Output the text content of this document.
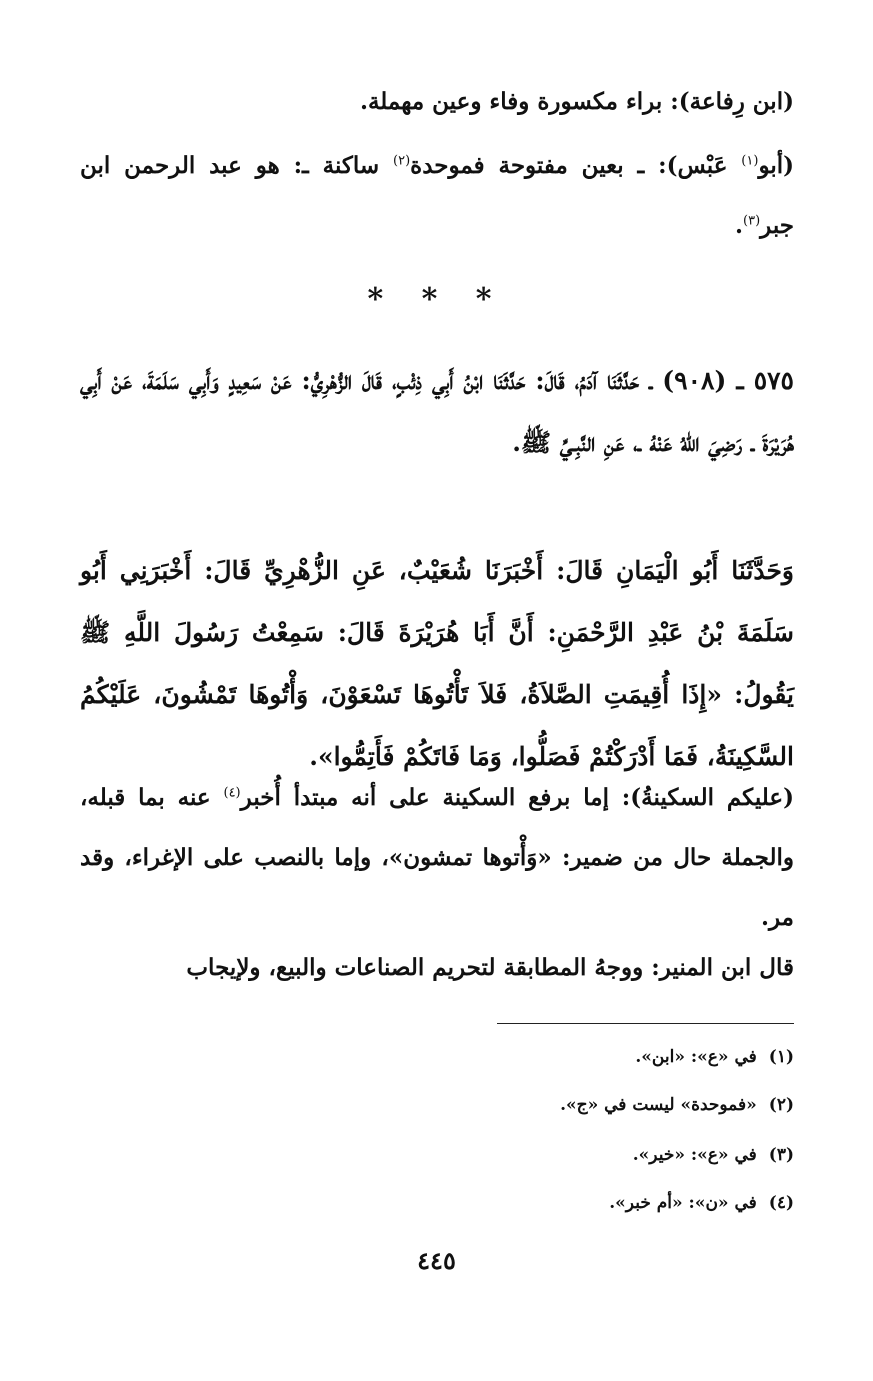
(ابن رِفاعة): براء مكسورة وفاء وعين مهملة.
(أبو$^{(١)}$ عَبْس): ـ بعين مفتوحة فموحدة$^{(٢)}$ ساكنة ـ: هو عبد الرحمن ابن جبر$^{(٣)}$.
* * *
٥٧٥ ـ (٩٠٨) ـ حَدَّثَنَا آدَمُ، قَالَ: حَدَّثَنَا ابْنُ أَبِي ذِئْبٍ، قَالَ الزُّهْرِيُّ: عَنْ سَعِيدٍ وَأَبِي سَلَمَةَ، عَنْ أَبِي هُرَيْرَةَ ـ رَضِيَ اللهُ عَنْهُ ـ، عَنِ النَّبِـيِّ ﷺ.
وَحَدَّثَنَا أَبُو الْيَمَانِ قَالَ: أَخْبَرَنَا شُعَيْبٌ، عَنِ الزُّهْرِيِّ قَالَ: أَخْبَرَنِي أَبُو سَلَمَةَ بْنُ عَبْدِ الرَّحْمَنِ: أَنَّ أَبَا هُرَيْرَةَ قَالَ: سَمِعْتُ رَسُولَ اللَّهِ ﷺ يَقُولُ: «إِذَا أُقِيمَتِ الصَّلاَةُ، فَلاَ تَأْتُوهَا تَسْعَوْنَ، وَأْتُوهَا تَمْشُونَ، عَلَيْكُمُ السَّكِينَةُ، فَمَا أَدْرَكْتُمْ فَصَلُّوا، وَمَا فَاتَكُمْ فَأَتِمُّوا».
(عليكم السكينةُ): إما برفع السكينة على أنه مبتدأ أُخبر$^{(٤)}$ عنه بما قبله، والجملة حال من ضمير: «وَأْتوها تمشون»، وإما بالنصب على الإغراء، وقد مر.
قال ابن المنير: ووجهُ المطابقة لتحريم الصناعات والبيع، ولإيجاب
(١)في «ع»: «ابن».
(٢)«فموحدة» ليست في «ج».
(٣)في «ع»: «خير».
(٤)في «ن»: «أم خبر».
٤٤٥
